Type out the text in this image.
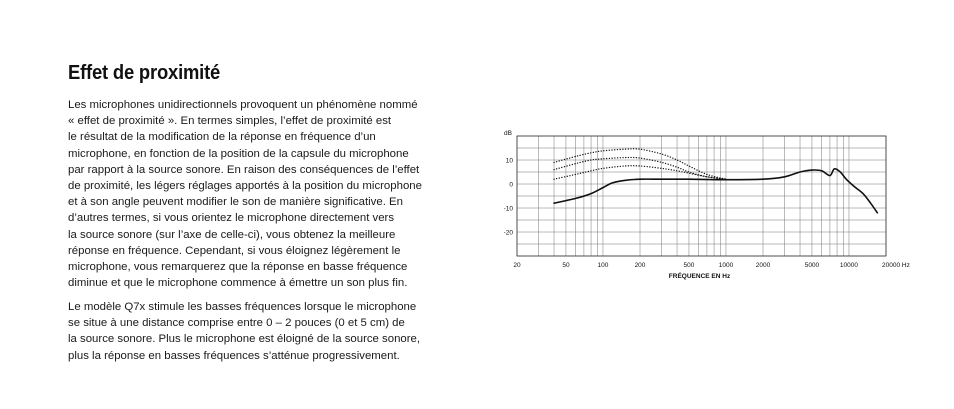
Effet de proximité
Les microphones unidirectionnels provoquent un phénomène nommé
« effet de proximité ». En termes simples, l’effet de proximité est
le résultat de la modification de la réponse en fréquence d’un
microphone, en fonction de la position de la capsule du microphone
par rapport à la source sonore. En raison des conséquences de l’effet
de proximité, les légers réglages apportés à la position du microphone
et à son angle peuvent modifier le son de manière significative. En
d’autres termes, si vous orientez le microphone directement vers
la source sonore (sur l’axe de celle-ci), vous obtenez la meilleure
réponse en fréquence. Cependant, si vous éloignez légèrement le
microphone, vous remarquerez que la réponse en basse fréquence
diminue et que le microphone commence à émettre un son plus fin.
Le modèle Q7x stimule les basses fréquences lorsque le microphone
se situe à une distance comprise entre 0 – 2 pouces (0 et 5 cm) de
la source sonore. Plus le microphone est éloigné de la source sonore,
plus la réponse en basses fréquences s’atténue progressivement.
dB
10
0
-10
-20
20	50	100	200	500	1000	2000	5000	10000	20000 Hz
FRÉQUENCE EN Hz
